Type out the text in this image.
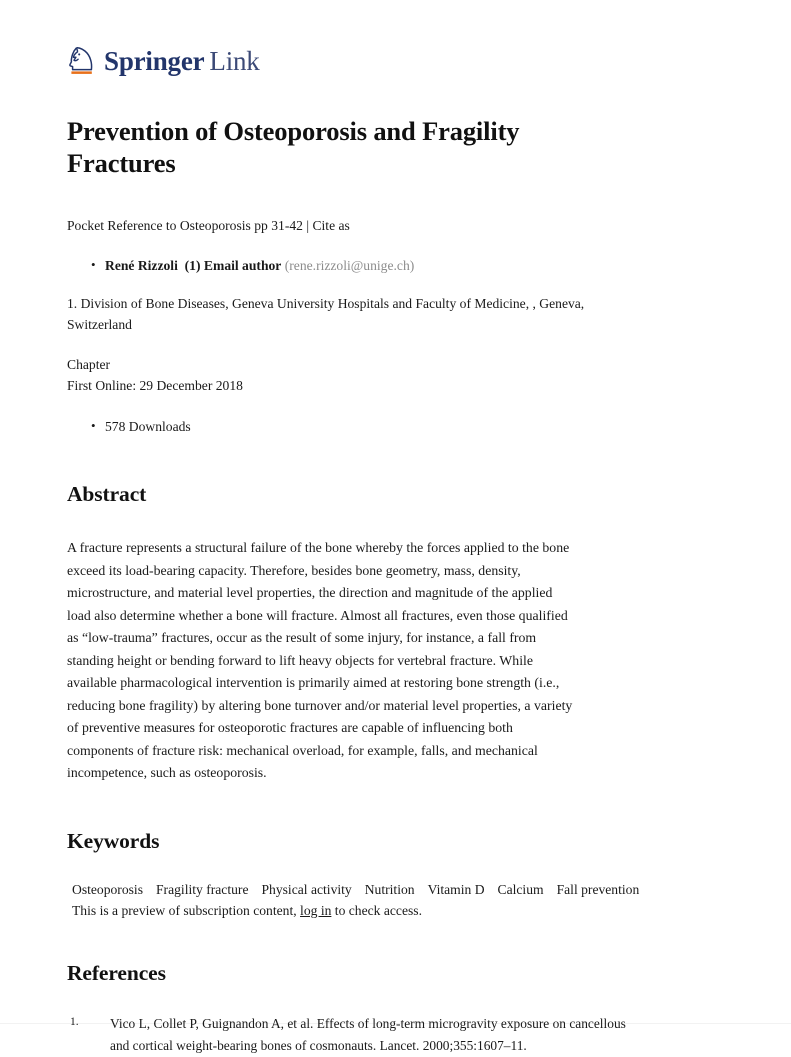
Springer Link
Prevention of Osteoporosis and Fragility Fractures
Pocket Reference to Osteoporosis pp 31-42 | Cite as
• René Rizzoli (1) Email author (rene.rizzoli@unige.ch)
1. Division of Bone Diseases, Geneva University Hospitals and Faculty of Medicine, , Geneva, Switzerland
Chapter
First Online: 29 December 2018
• 578 Downloads
Abstract

A fracture represents a structural failure of the bone whereby the forces applied to the bone exceed its load-bearing capacity. Therefore, besides bone geometry, mass, density, microstructure, and material level properties, the direction and magnitude of the applied load also determine whether a bone will fracture. Almost all fractures, even those qualified as “low-trauma” fractures, occur as the result of some injury, for instance, a fall from standing height or bending forward to lift heavy objects for vertebral fracture. While available pharmacological intervention is primarily aimed at restoring bone strength (i.e., reducing bone fragility) by altering bone turnover and/or material level properties, a variety of preventive measures for osteoporotic fractures are capable of influencing both components of fracture risk: mechanical overload, for example, falls, and mechanical incompetence, such as osteoporosis.

Keywords
Osteoporosis Fragility fracture Physical activity Nutrition Vitamin D Calcium Fall prevention
This is a preview of subscription content, log in to check access.
References
1. Vico L, Collet P, Guignandon A, et al. Effects of long-term microgravity exposure on cancellous and cortical weight-bearing bones of cosmonauts. Lancet. 2000;355:1607–11.
